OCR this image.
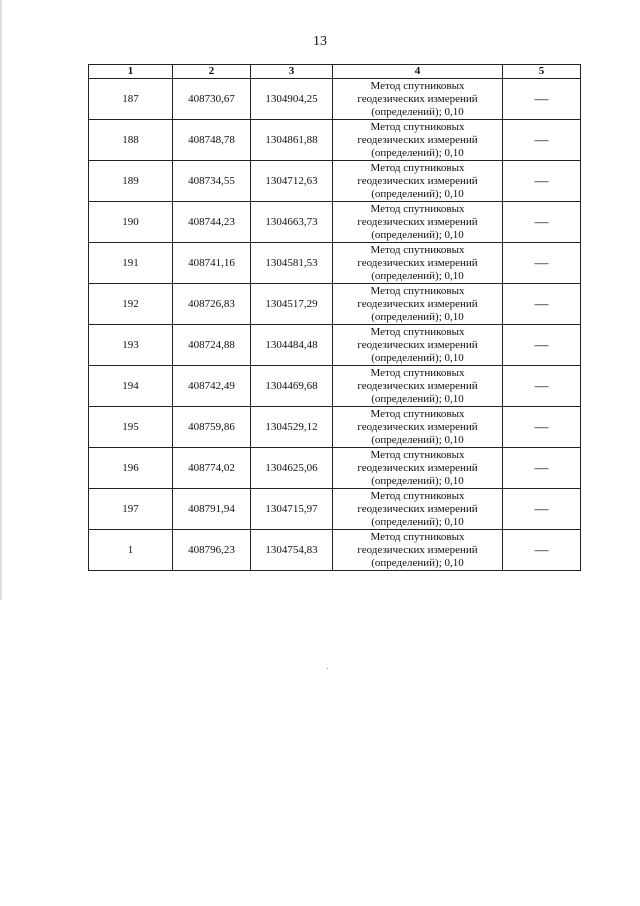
13
1	2	3	4	5
187	408730,67	1304904,25	Метод спутниковых
геодезических измерений
(определений); 0,10	—
188	408748,78	1304861,88	Метод спутниковых
геодезических измерений
(определений); 0,10	—
189	408734,55	1304712,63	Метод спутниковых
геодезических измерений
(определений); 0,10	—
190	408744,23	1304663,73	Метод спутниковых
геодезических измерений
(определений); 0,10	—
191	408741,16	1304581,53	Метод спутниковых
геодезических измерений
(определений); 0,10	—
192	408726,83	1304517,29	Метод спутниковых
геодезических измерений
(определений); 0,10	—
193	408724,88	1304484,48	Метод спутниковых
геодезических измерений
(определений); 0,10	—
194	408742,49	1304469,68	Метод спутниковых
геодезических измерений
(определений); 0,10	—
195	408759,86	1304529,12	Метод спутниковых
геодезических измерений
(определений); 0,10	—
196	408774,02	1304625,06	Метод спутниковых
геодезических измерений
(определений); 0,10	—
197	408791,94	1304715,97	Метод спутниковых
геодезических измерений
(определений); 0,10	—
1	408796,23	1304754,83	Метод спутниковых
геодезических измерений
(определений); 0,10	—
